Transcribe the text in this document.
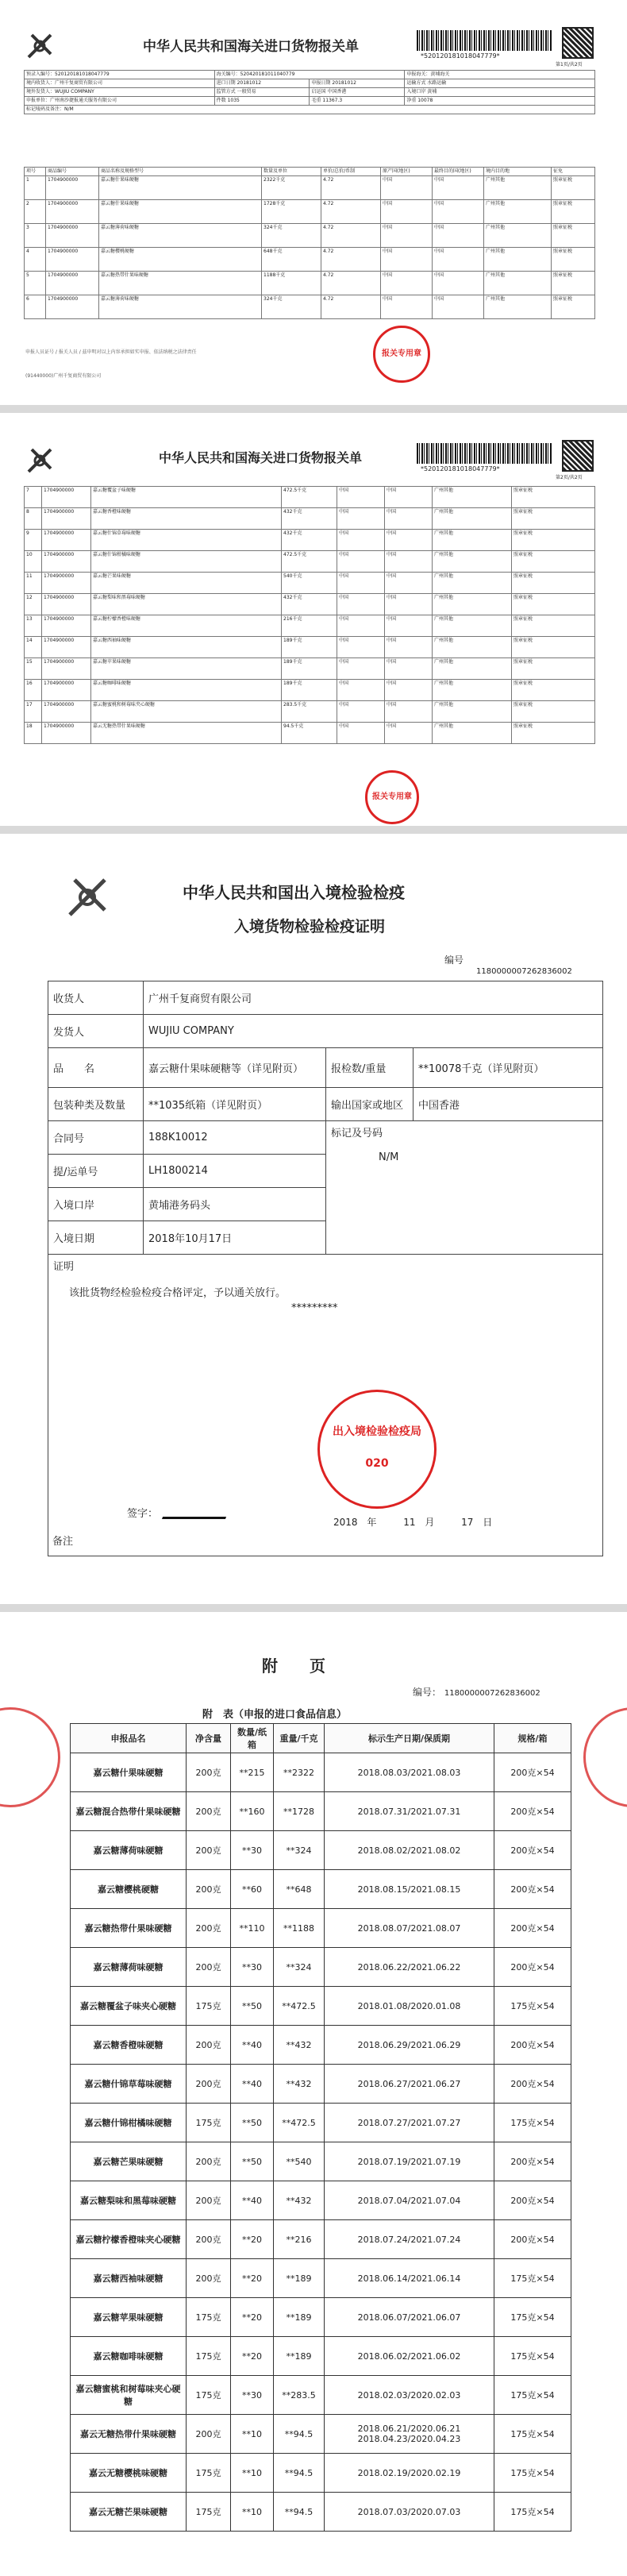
中华人民共和国海关进口货物报关单
*520120181018047779*
第1页/共2页
预录入编号：520120181018047779	海关编号：520420181011040779		申报海关：黄埔海关
境内收货人：广州千复商贸有限公司	进口日期 20181012	申报日期 20181012	运输方式 水路运输
境外发货人：WUJIU COMPANY	监管方式 一般贸易	启运国 中国香港	入境口岸 黄埔
申报单位：广州南沙捷报通关服务有限公司	件数 1035	毛重 11367.3	净重 10078
标记唛码及备注：N/M			
项号	商品编号	商品名称及规格型号	数量及单位	单价/总价/币制	原产国(地区)	最终目的国(地区)	境内目的地	征免
1	1704900000	嘉云糖什果味硬糖	2322千克	4.72	中国	中国	广州其他	照章征税
2	1704900000	嘉云糖什果味硬糖	1728千克	4.72	中国	中国	广州其他	照章征税
3	1704900000	嘉云糖薄荷味硬糖	324千克	4.72	中国	中国	广州其他	照章征税
4	1704900000	嘉云糖樱桃硬糖	648千克	4.72	中国	中国	广州其他	照章征税
5	1704900000	嘉云糖热带什果味硬糖	1188千克	4.72	中国	中国	广州其他	照章征税
6	1704900000	嘉云糖薄荷味硬糖	324千克	4.72	中国	中国	广州其他	照章征税
报关专用章
申报人员证号 / 报关人员 / 兹申明对以上内容承担如实申报、依法纳税之法律责任
(91440000)广州千复商贸有限公司
中华人民共和国海关进口货物报关单
*520120181018047779*
第2页/共2页
7	1704900000	嘉云糖覆盆子味硬糖	472.5千克	中国	中国	广州其他	照章征税
8	1704900000	嘉云糖香橙味硬糖	432千克	中国	中国	广州其他	照章征税
9	1704900000	嘉云糖什锦草莓味硬糖	432千克	中国	中国	广州其他	照章征税
10	1704900000	嘉云糖什锦柑橘味硬糖	472.5千克	中国	中国	广州其他	照章征税
11	1704900000	嘉云糖芒果味硬糖	540千克	中国	中国	广州其他	照章征税
12	1704900000	嘉云糖梨味和黑莓味硬糖	432千克	中国	中国	广州其他	照章征税
13	1704900000	嘉云糖柠檬香橙味硬糖	216千克	中国	中国	广州其他	照章征税
14	1704900000	嘉云糖西袖味硬糖	189千克	中国	中国	广州其他	照章征税
15	1704900000	嘉云糖苹果味硬糖	189千克	中国	中国	广州其他	照章征税
16	1704900000	嘉云糖咖啡味硬糖	189千克	中国	中国	广州其他	照章征税
17	1704900000	嘉云糖蜜桃和树莓味夹心硬糖	283.5千克	中国	中国	广州其他	照章征税
18	1704900000	嘉云无糖热带什果味硬糖	94.5千克	中国	中国	广州其他	照章征税
报关专用章
中华人民共和国出入境检验检疫
入境货物检验检疫证明
编号
1180000007262836002
收货人	广州千复商贸有限公司		
发货人	WUJIU COMPANY		
品　　名	嘉云糖什果味硬糖等（详见附页）	报检数/重量	**10078千克（详见附页）
包装种类及数量	**1035纸箱（详见附页）	输出国家或地区	中国香港
合同号	188K10012	标记及号码

N/M	
提/运单号	LH1800214		
入境口岸	黄埔港务码头		
入境日期	2018年10月17日		

证明
该批货物经检验检疫合格评定，予以通关放行。
*********			
出入境检验检疫局
020
签字：
2018 年	11 月	17 日
备注
附　　页
编号： 1180000007262836002
附　表（申报的进口食品信息）
申报品名	净含量	数量/纸箱	重量/千克	标示生产日期/保质期	规格/箱
嘉云糖什果味硬糖	200克	**215	**2322	2018.08.03/2021.08.03	200克×54
嘉云糖混合热带什果味硬糖	200克	**160	**1728	2018.07.31/2021.07.31	200克×54
嘉云糖薄荷味硬糖	200克	**30	**324	2018.08.02/2021.08.02	200克×54
嘉云糖樱桃硬糖	200克	**60	**648	2018.08.15/2021.08.15	200克×54
嘉云糖热带什果味硬糖	200克	**110	**1188	2018.08.07/2021.08.07	200克×54
嘉云糖薄荷味硬糖	200克	**30	**324	2018.06.22/2021.06.22	200克×54
嘉云糖覆盆子味夹心硬糖	175克	**50	**472.5	2018.01.08/2020.01.08	175克×54
嘉云糖香橙味硬糖	200克	**40	**432	2018.06.29/2021.06.29	200克×54
嘉云糖什锦草莓味硬糖	200克	**40	**432	2018.06.27/2021.06.27	200克×54
嘉云糖什锦柑橘味硬糖	175克	**50	**472.5	2018.07.27/2021.07.27	175克×54
嘉云糖芒果味硬糖	200克	**50	**540	2018.07.19/2021.07.19	200克×54
嘉云糖梨味和黑莓味硬糖	200克	**40	**432	2018.07.04/2021.07.04	200克×54
嘉云糖柠檬香橙味夹心硬糖	200克	**20	**216	2018.07.24/2021.07.24	200克×54
嘉云糖西袖味硬糖	200克	**20	**189	2018.06.14/2021.06.14	175克×54
嘉云糖苹果味硬糖	175克	**20	**189	2018.06.07/2021.06.07	175克×54
嘉云糖咖啡味硬糖	175克	**20	**189	2018.06.02/2021.06.02	175克×54
嘉云糖蜜桃和树莓味夹心硬糖	175克	**30	**283.5	2018.02.03/2020.02.03	175克×54
嘉云无糖热带什果味硬糖	200克	**10	**94.5	2018.06.21/2020.06.21 2018.04.23/2020.04.23	175克×54
嘉云无糖樱桃味硬糖	175克	**10	**94.5	2018.02.19/2020.02.19	175克×54
嘉云无糖芒果味硬糖	175克	**10	**94.5	2018.07.03/2020.07.03	175克×54
